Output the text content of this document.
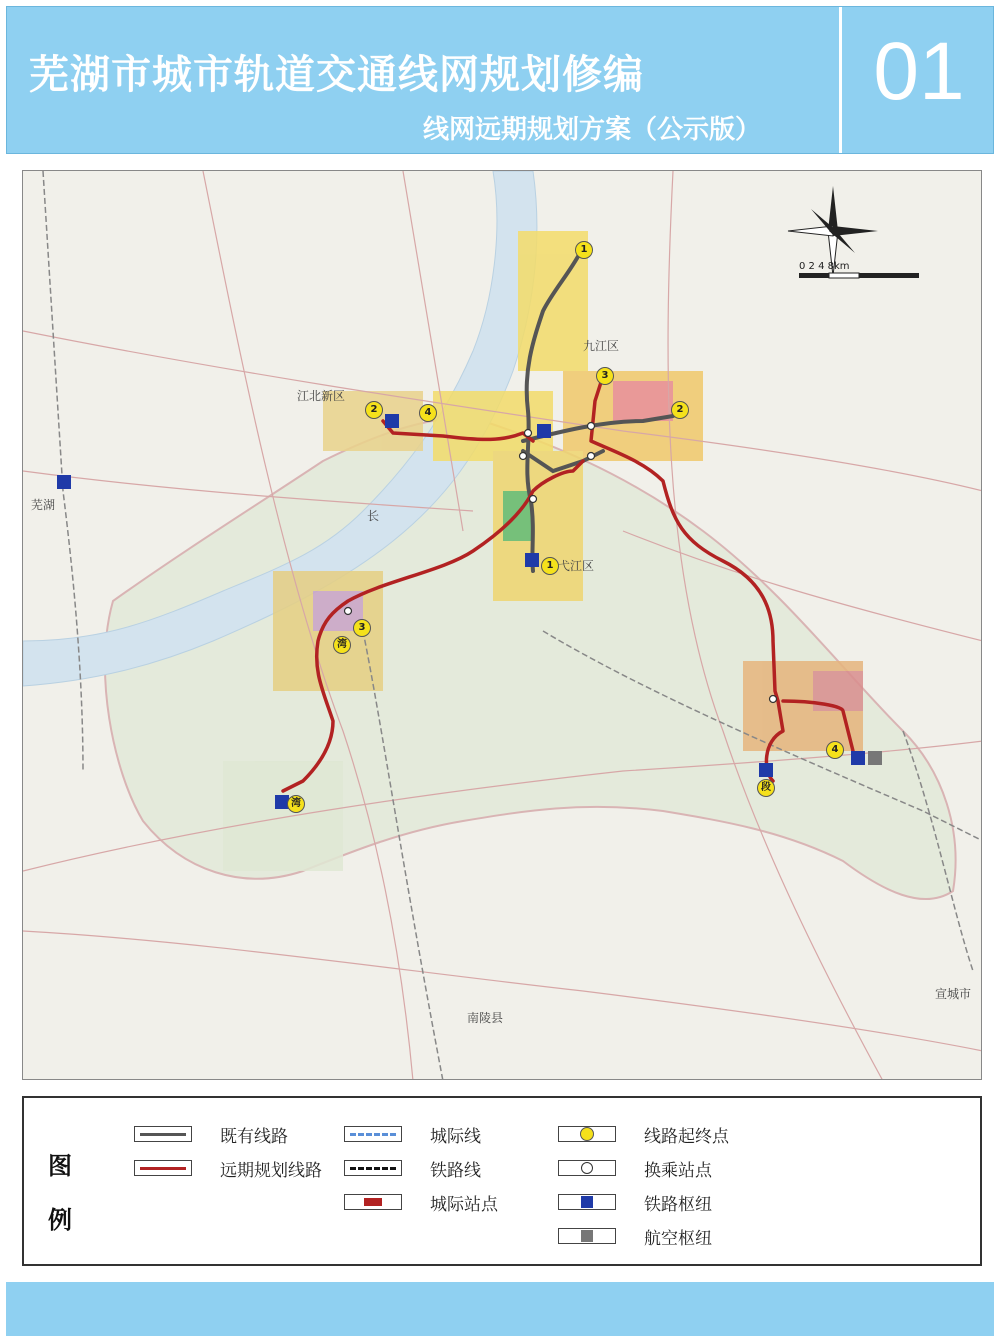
芜湖市城市轨道交通线网规划修编
线网远期规划方案（公示版）
01
0 2 4 8km
1
1
2	2
3
3
4
4
湾
段
湾
江北新区
九江区
弋江区
芜湖
南陵县
宣城市
长
图
例
既有线路
远期规划线路
城际线
铁路线
城际站点
线路起终点
换乘站点
铁路枢纽
航空枢纽
